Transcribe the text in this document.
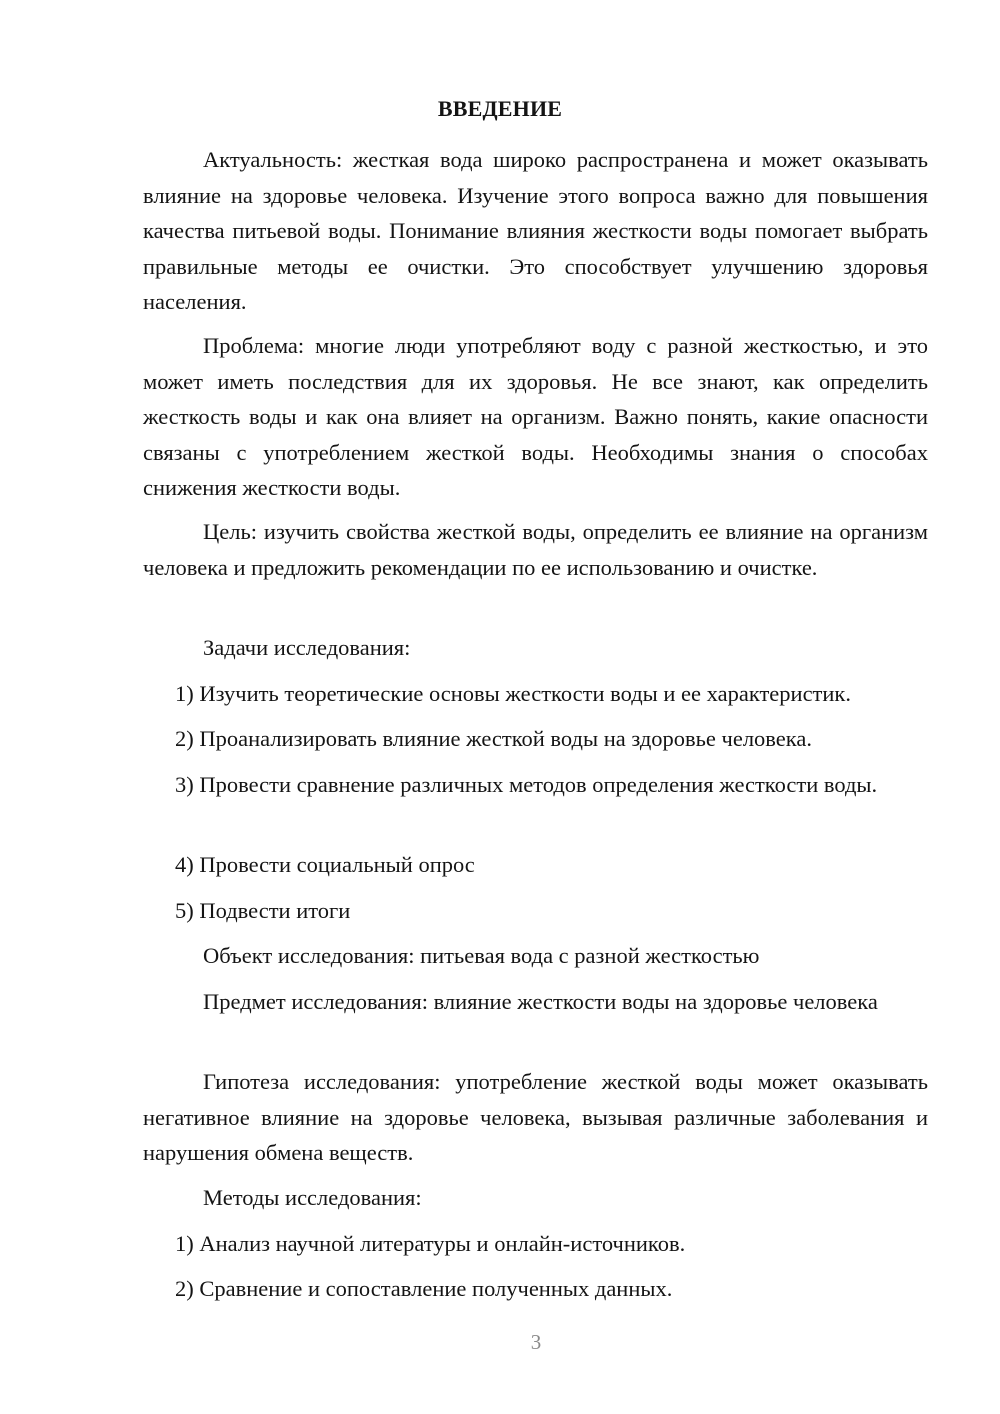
ВВЕДЕНИЕ

Актуальность: жесткая вода широко распространена и может оказывать влияние на здоровье человека. Изучение этого вопроса важно для повышения качества питьевой воды. Понимание влияния жесткости воды помогает выбрать правильные методы ее очистки. Это способствует улучшению здоровья населения.

Проблема: многие люди употребляют воду с разной жесткостью, и это может иметь последствия для их здоровья. Не все знают, как определить жесткость воды и как она влияет на организм. Важно понять, какие опасности связаны с употреблением жесткой воды. Необходимы знания о способах снижения жесткости воды.

Цель: изучить свойства жесткой воды, определить ее влияние на организм человека и предложить рекомендации по ее использованию и очистке.

Задачи исследования:

1) Изучить теоретические основы жесткости воды и ее характеристик.

2) Проанализировать влияние жесткой воды на здоровье человека.

3) Провести сравнение различных методов определения жесткости воды.

4) Провести социальный опрос

5) Подвести итоги

Объект исследования: питьевая вода с разной жесткостью

Предмет исследования: влияние жесткости воды на здоровье человека

Гипотеза исследования: употребление жесткой воды может оказывать негативное влияние на здоровье человека, вызывая различные заболевания и нарушения обмена веществ.

Методы исследования:

1) Анализ научной литературы и онлайн-источников.

2) Сравнение и сопоставление полученных данных.

3
